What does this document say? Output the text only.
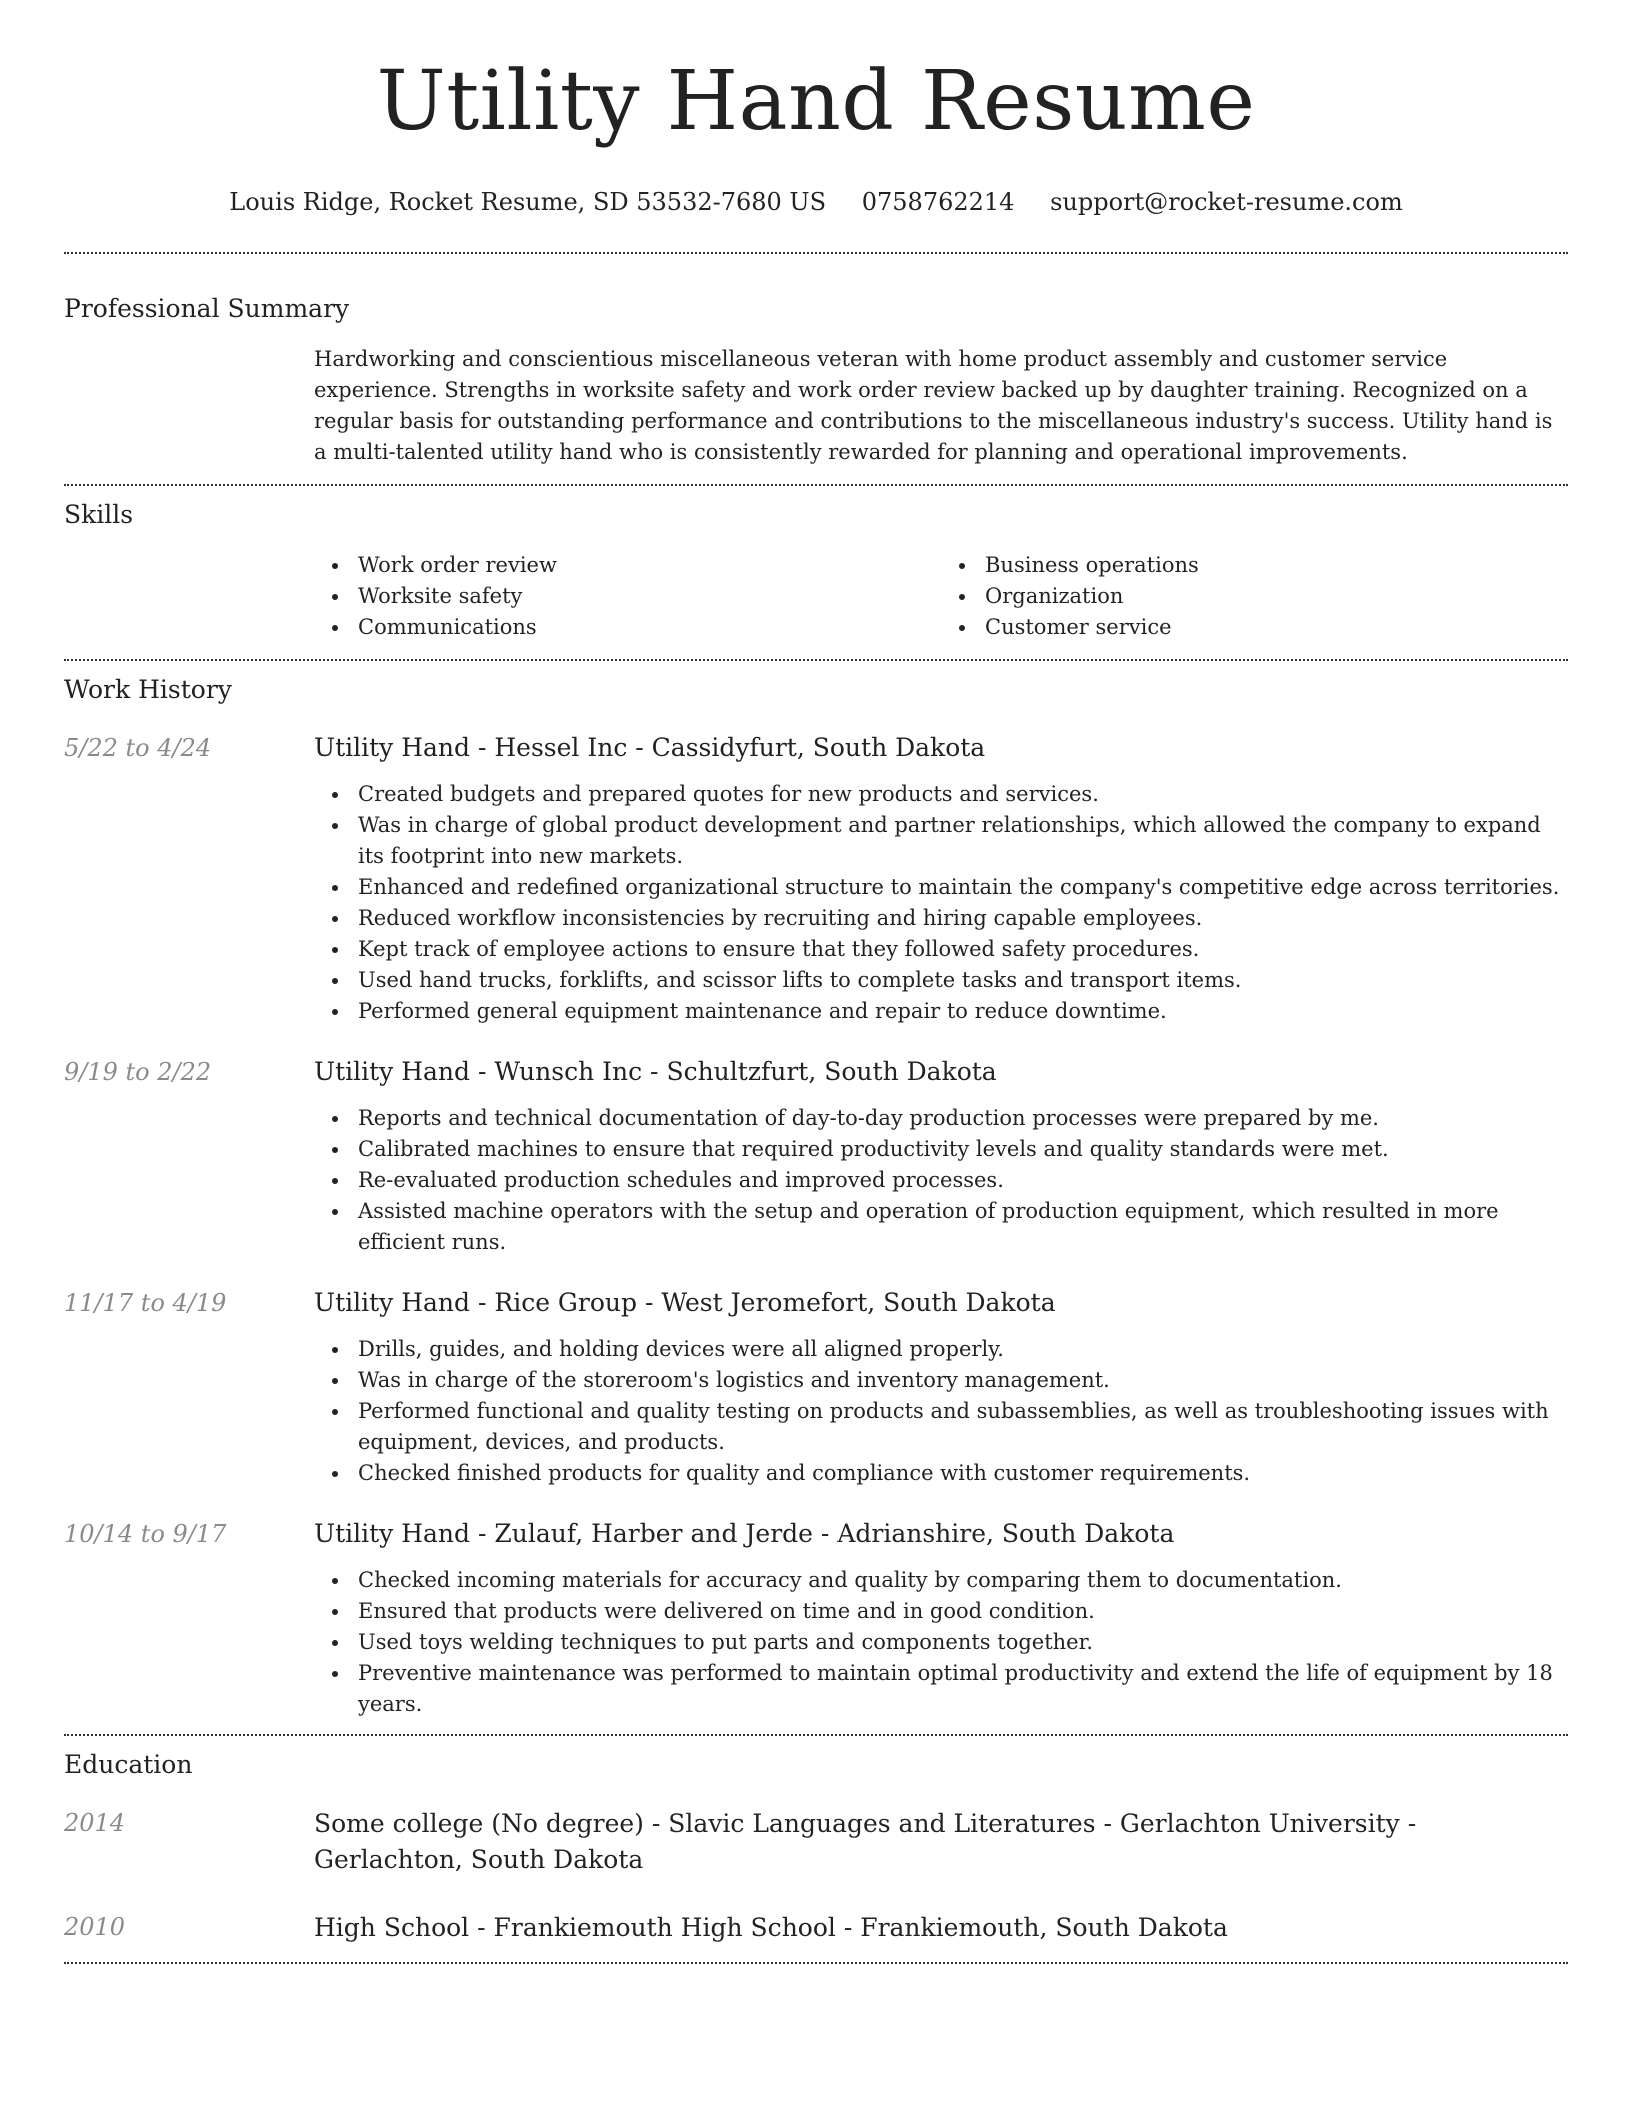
Utility Hand Resume
Louis Ridge, Rocket Resume, SD 53532-7680 US 0758762214 support@rocket-resume.com
Professional Summary

Hardworking and conscientious miscellaneous veteran with home product assembly and customer service experience. Strengths in worksite safety and work order review backed up by daughter training. Recognized on a regular basis for outstanding performance and contributions to the miscellaneous industry's success. Utility hand is a multi-talented utility hand who is consistently rewarded for planning and operational improvements.

Skills
Work order review
Worksite safety
Communications
Business operations
Organization
Customer service
Work History
5/22 to 4/24	Utility Hand - Hessel Inc - Cassidyfurt, South Dakota
Created budgets and prepared quotes for new products and services.
Was in charge of global product development and partner relationships, which allowed the company to expand its footprint into new markets.
Enhanced and redefined organizational structure to maintain the company's competitive edge across territories.
Reduced workflow inconsistencies by recruiting and hiring capable employees.
Kept track of employee actions to ensure that they followed safety procedures.
Used hand trucks, forklifts, and scissor lifts to complete tasks and transport items.
Performed general equipment maintenance and repair to reduce downtime.
9/19 to 2/22	Utility Hand - Wunsch Inc - Schultzfurt, South Dakota
Reports and technical documentation of day-to-day production processes were prepared by me.
Calibrated machines to ensure that required productivity levels and quality standards were met.
Re-evaluated production schedules and improved processes.
Assisted machine operators with the setup and operation of production equipment, which resulted in more efficient runs.
11/17 to 4/19	Utility Hand - Rice Group - West Jeromefort, South Dakota
Drills, guides, and holding devices were all aligned properly.
Was in charge of the storeroom's logistics and inventory management.
Performed functional and quality testing on products and subassemblies, as well as troubleshooting issues with equipment, devices, and products.
Checked finished products for quality and compliance with customer requirements.
10/14 to 9/17	Utility Hand - Zulauf, Harber and Jerde - Adrianshire, South Dakota
Checked incoming materials for accuracy and quality by comparing them to documentation.
Ensured that products were delivered on time and in good condition.
Used toys welding techniques to put parts and components together.
Preventive maintenance was performed to maintain optimal productivity and extend the life of equipment by 18 years.
Education
2014	Some college (No degree) - Slavic Languages and Literatures - Gerlachton University - Gerlachton, South Dakota
2010	High School - Frankiemouth High School - Frankiemouth, South Dakota
